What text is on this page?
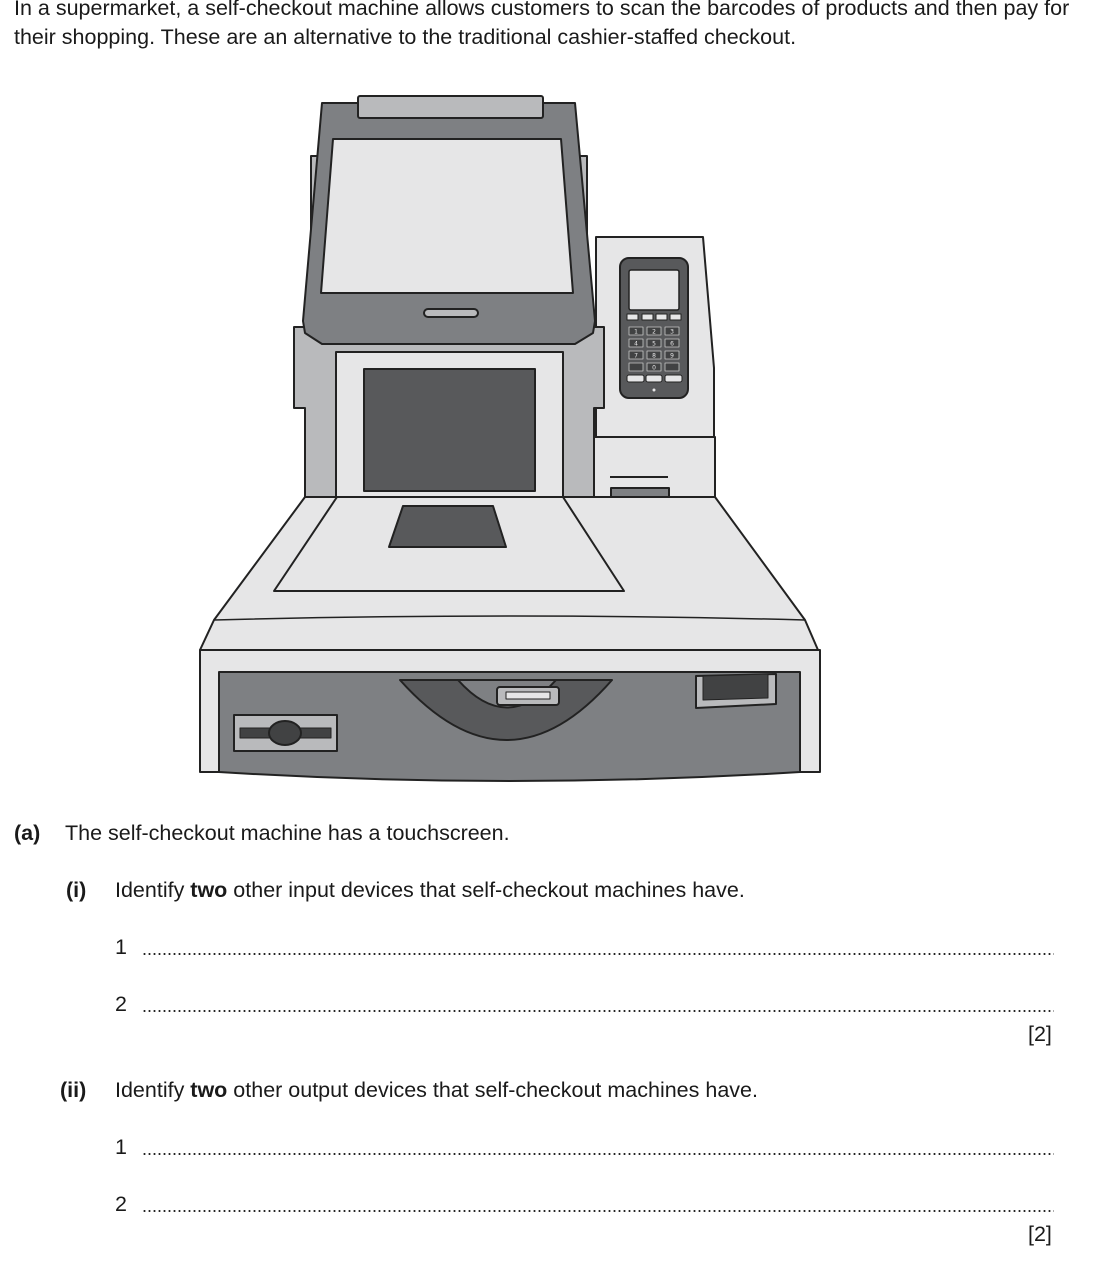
In a supermarket, a self-checkout machine allows customers to scan the barcodes of products and then pay for their shopping. These are an alternative to the traditional cashier-staffed checkout.

1 2 3
4 5 6
7 8 9
0
(a) The self-checkout machine has a touchscreen.
(i) Identify two other input devices that self-checkout machines have.
1
2
[2]
(ii) Identify two other output devices that self-checkout machines have.
1
2
[2]
